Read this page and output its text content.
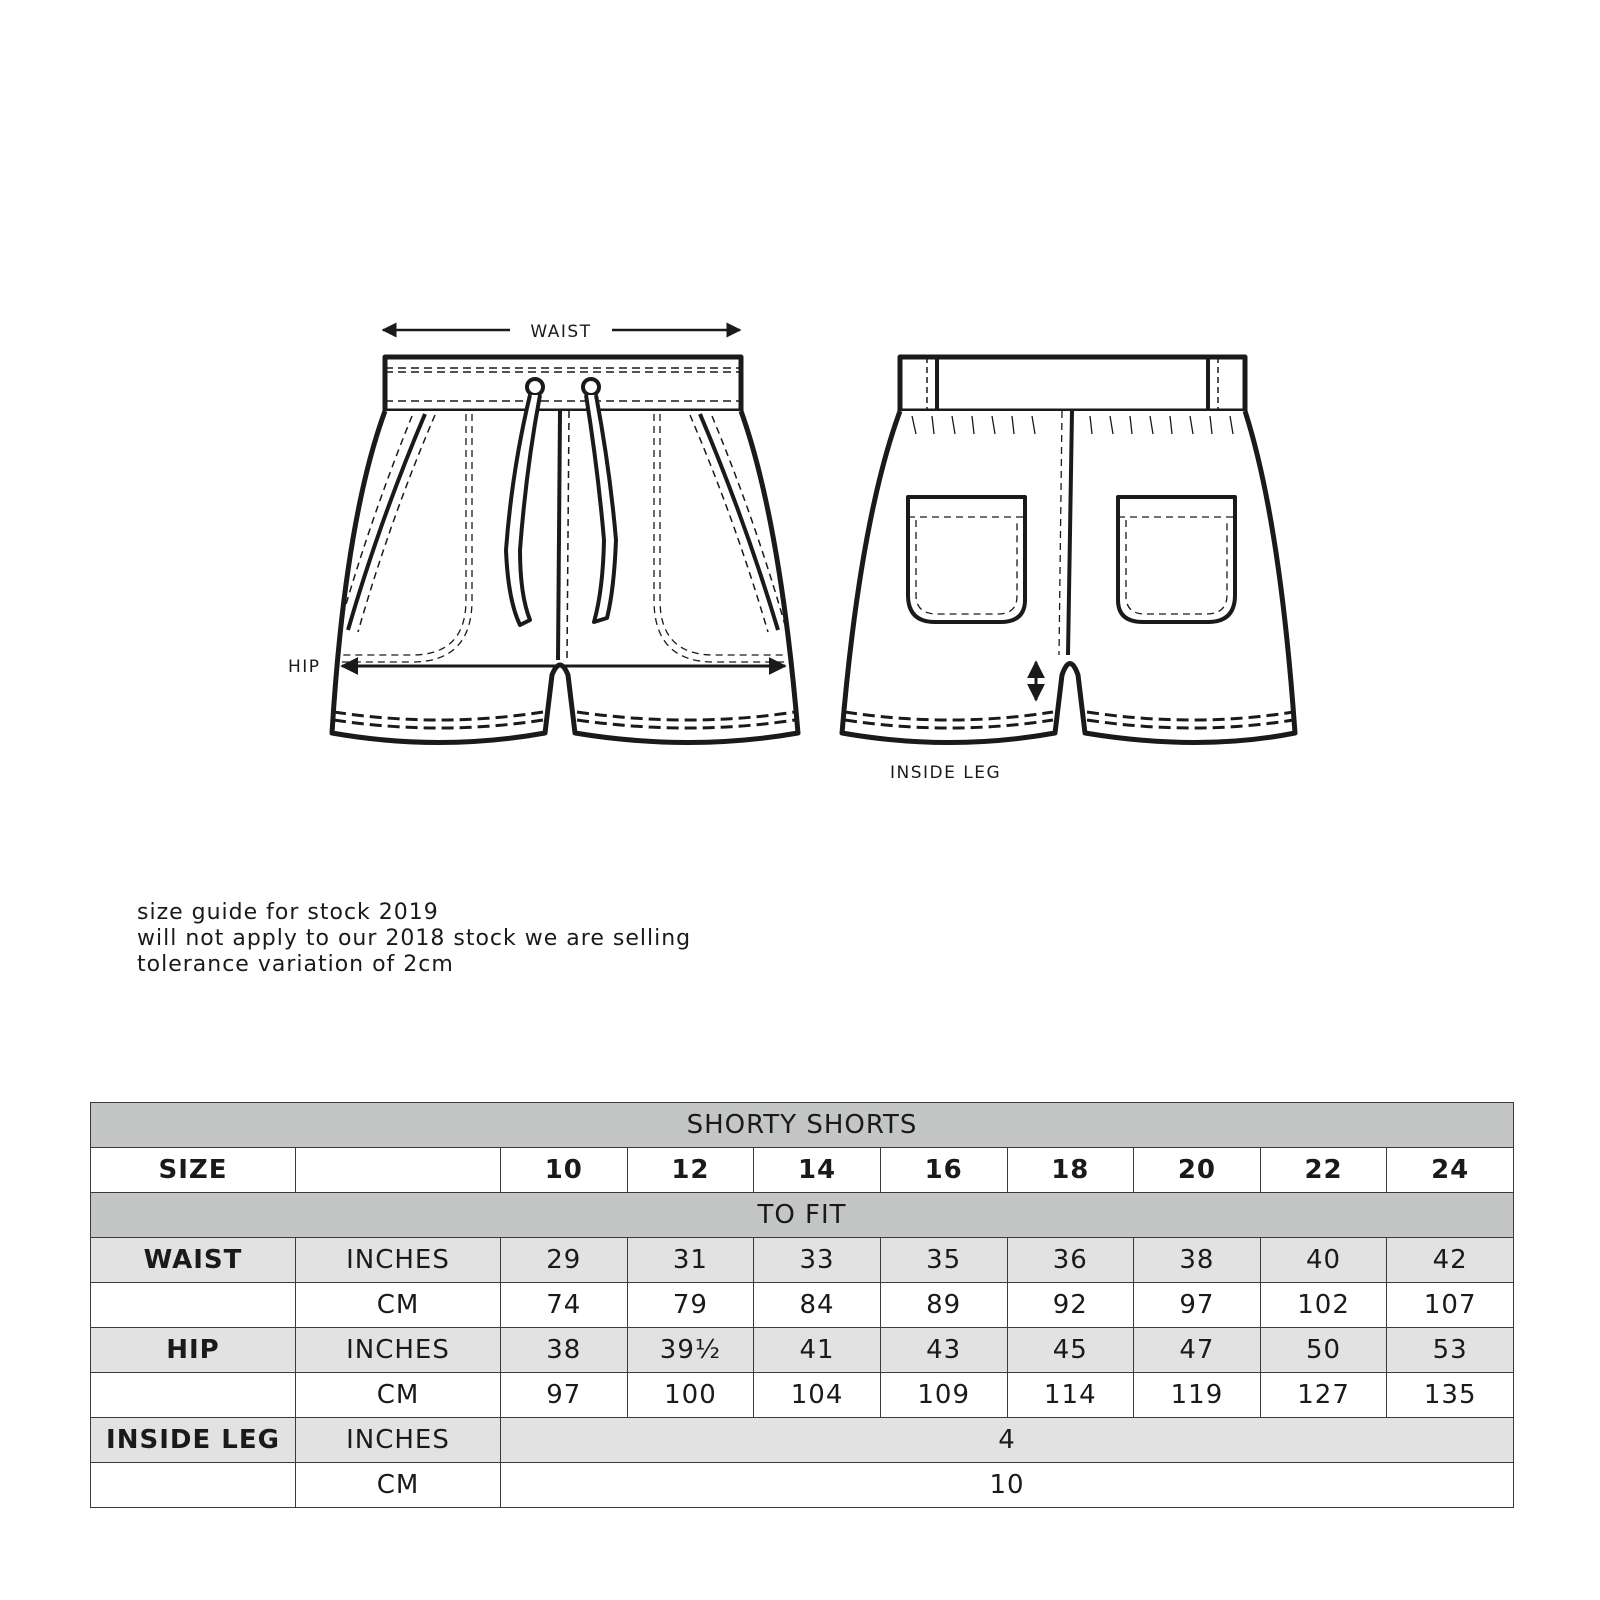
WAIST
HIP
INSIDE LEG
size guide for stock 2019
will not apply to our 2018 stock we are selling
tolerance variation of 2cm
SHORTY SHORTS									
SIZE		10	12	14	16	18	20	22	24
TO FIT									
WAIST	INCHES	29	31	33	35	36	38	40	42
	CM	74	79	84	89	92	97	102	107
HIP	INCHES	38	39½	41	43	45	47	50	53
	CM	97	100	104	109	114	119	127	135
INSIDE LEG	INCHES	4							
	CM	10							
